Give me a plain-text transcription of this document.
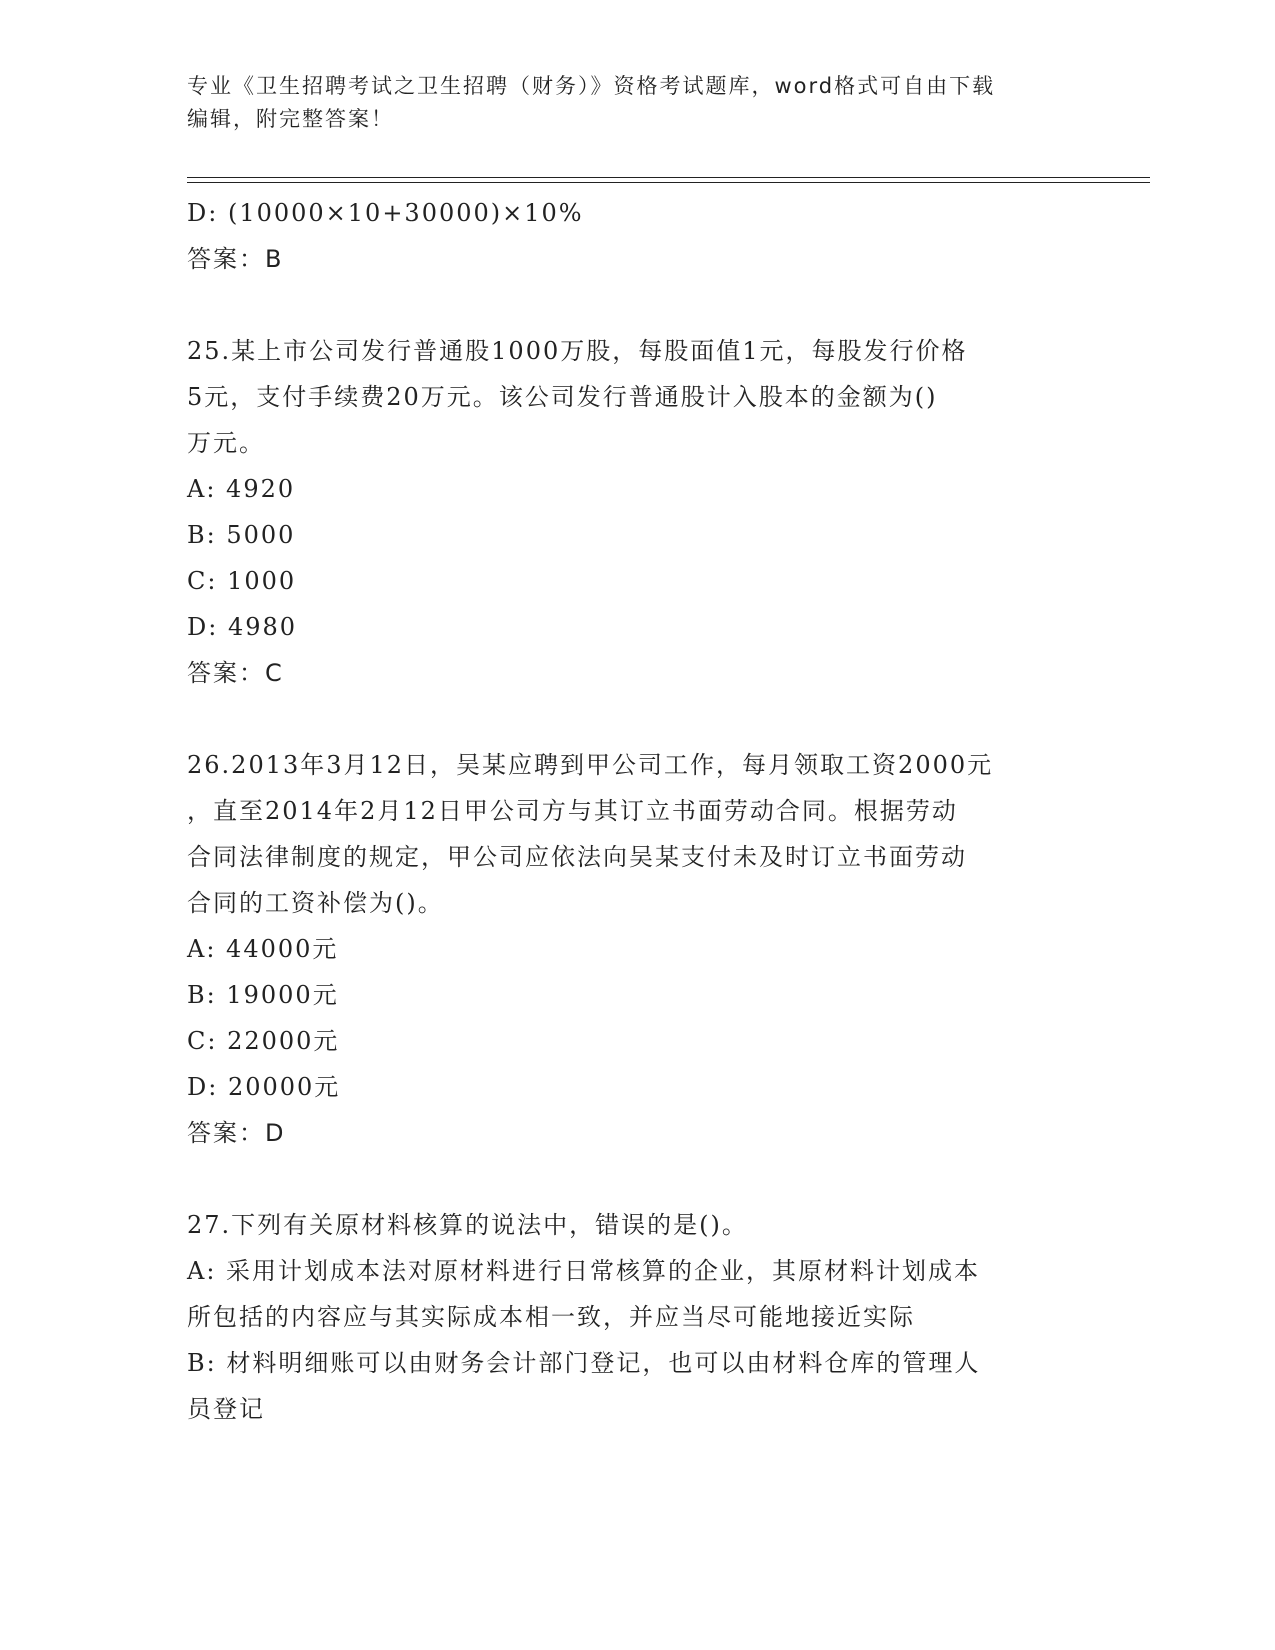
专业《卫生招聘考试之卫生招聘（财务）》资格考试题库，word格式可自由下载
编辑，附完整答案！
D: (10000×10+30000)×10%
答案：B
25.某上市公司发行普通股1000万股，每股面值1元，每股发行价格
5元，支付手续费20万元。该公司发行普通股计入股本的金额为()
万元。
A: 4920
B: 5000
C: 1000
D: 4980
答案：C
26.2013年3月12日，吴某应聘到甲公司工作，每月领取工资2000元
，直至2014年2月12日甲公司方与其订立书面劳动合同。根据劳动
合同法律制度的规定，甲公司应依法向吴某支付未及时订立书面劳动
合同的工资补偿为()。
A: 44000元
B: 19000元
C: 22000元
D: 20000元
答案：D
27.下列有关原材料核算的说法中，错误的是()。
A: 采用计划成本法对原材料进行日常核算的企业，其原材料计划成本
所包括的内容应与其实际成本相一致，并应当尽可能地接近实际
B: 材料明细账可以由财务会计部门登记，也可以由材料仓库的管理人
员登记
